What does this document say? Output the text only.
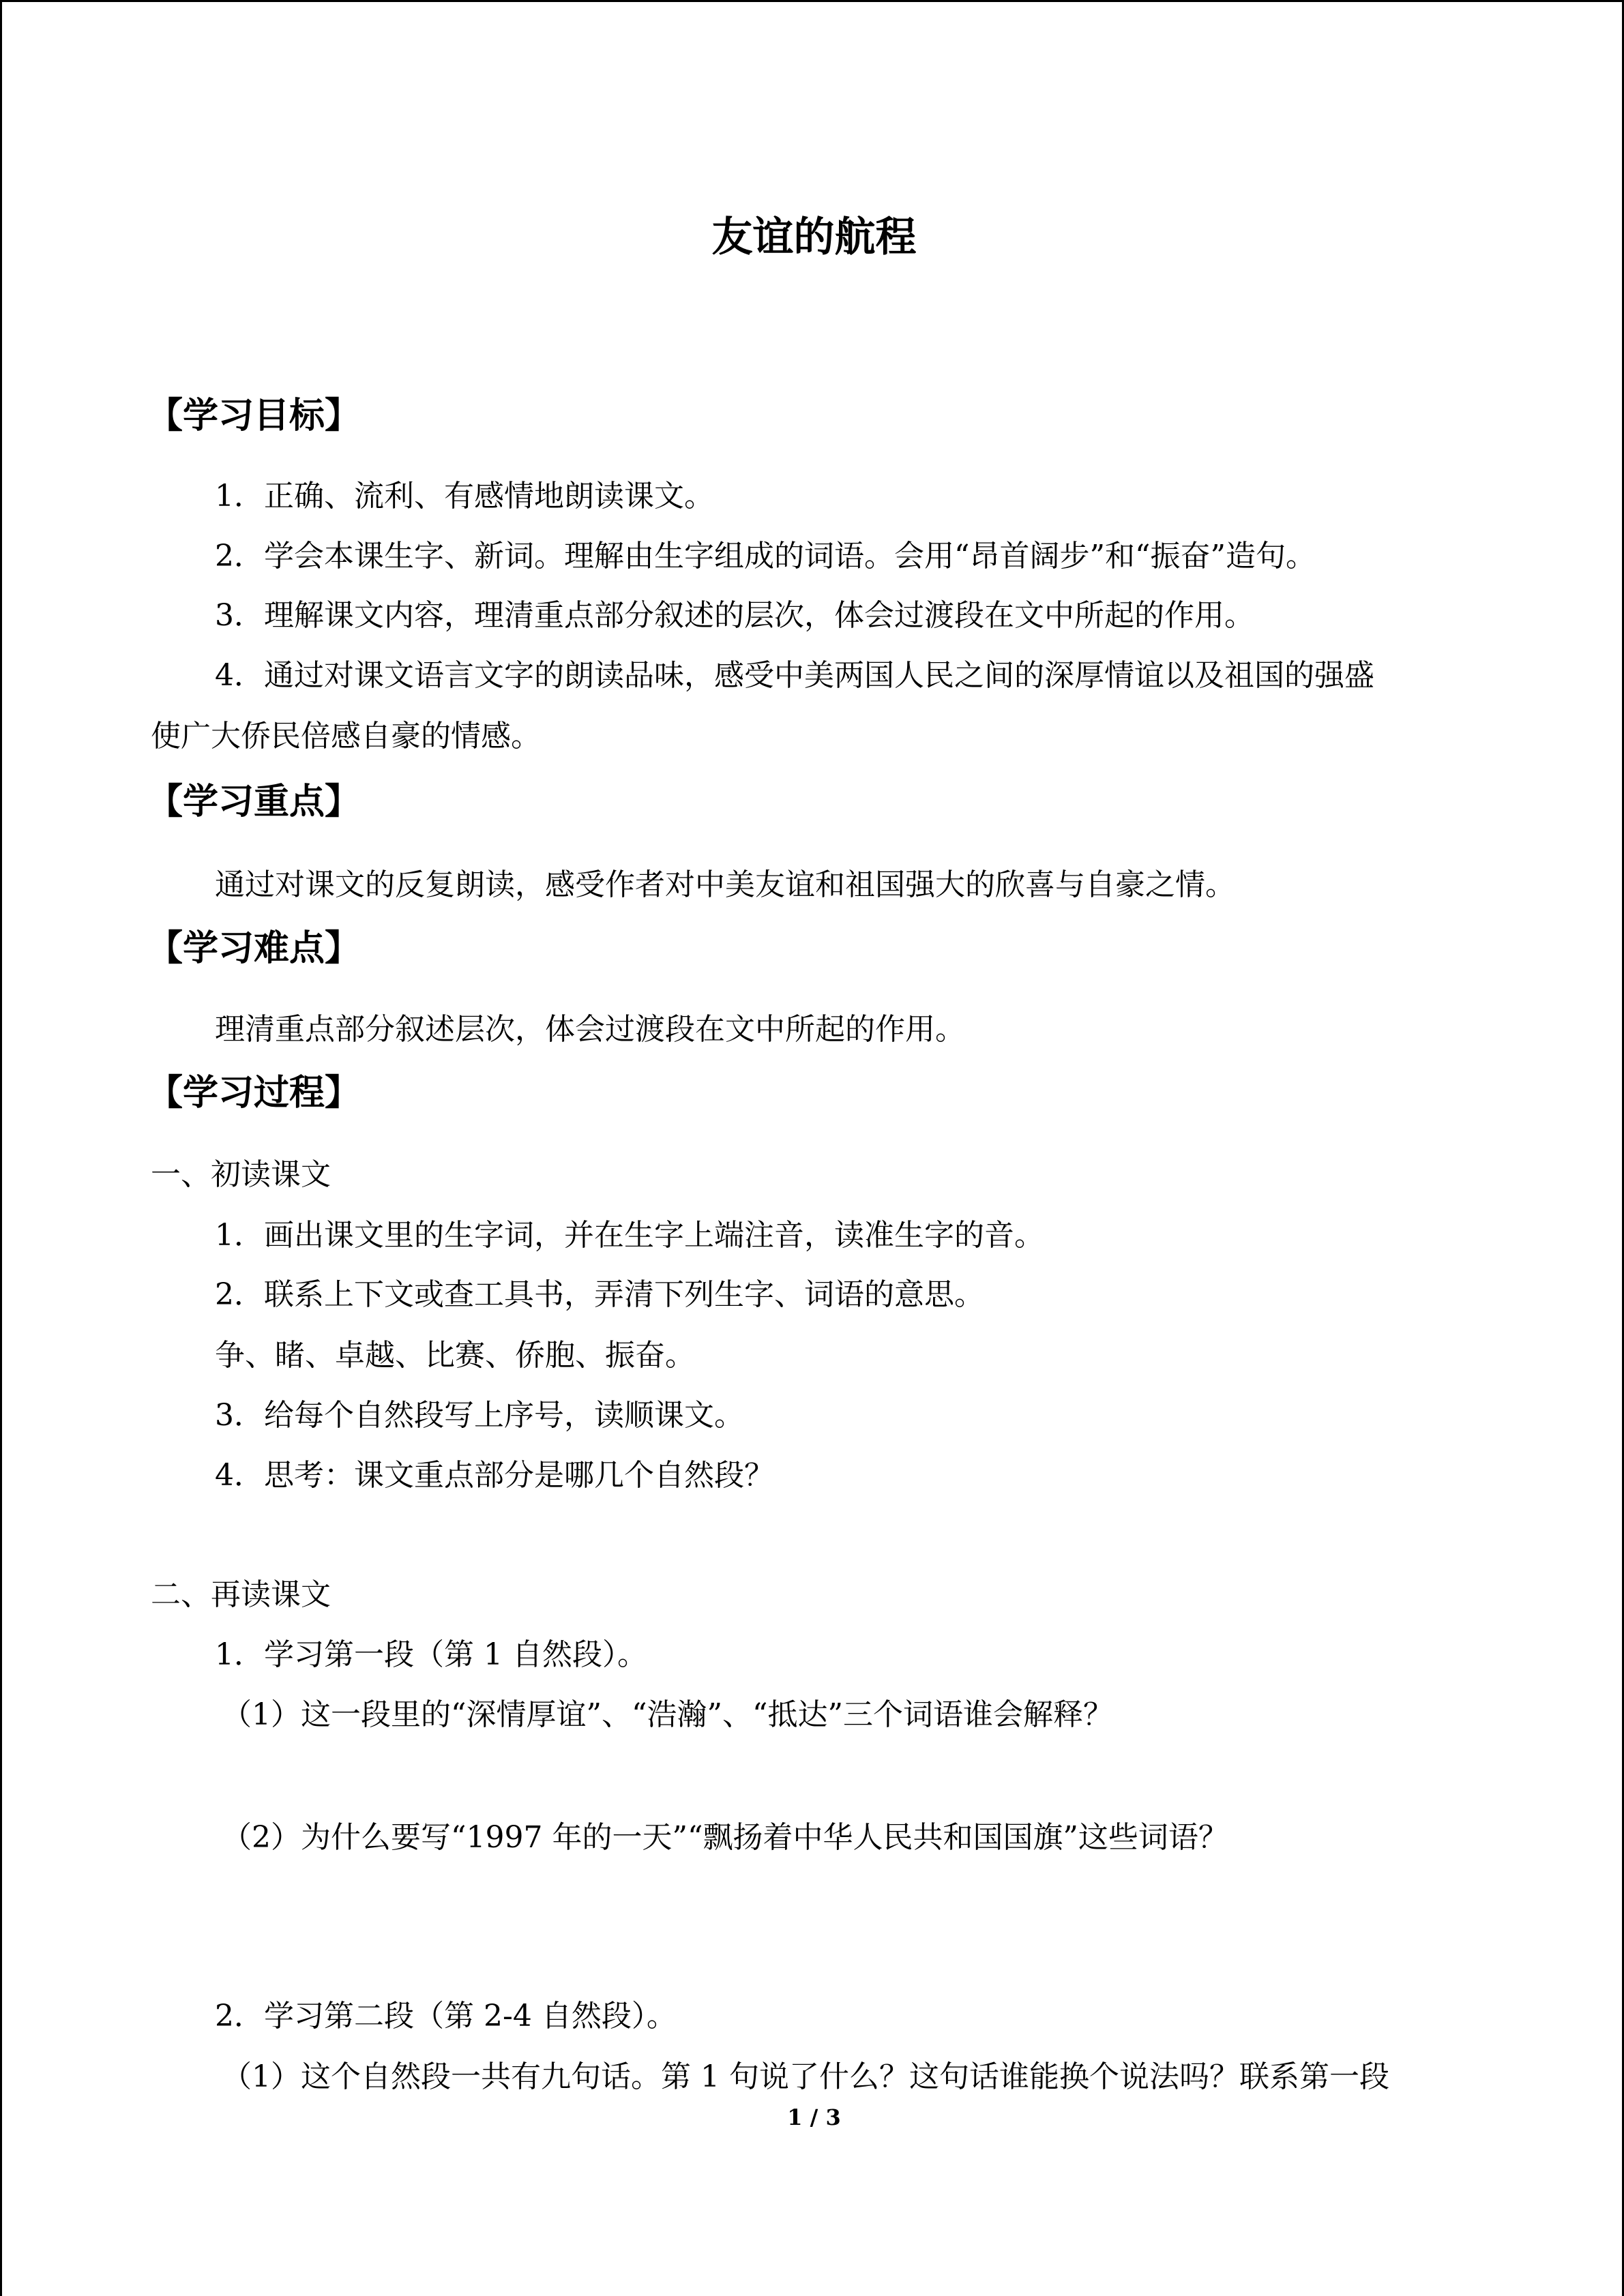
友谊的航程
【学习目标】
1．正确、流利、有感情地朗读课文。
2．学会本课生字、新词。理解由生字组成的词语。会用“昂首阔步”和“振奋”造句。
3．理解课文内容，理清重点部分叙述的层次，体会过渡段在文中所起的作用。
4．通过对课文语言文字的朗读品味，感受中美两国人民之间的深厚情谊以及祖国的强盛
使广大侨民倍感自豪的情感。
【学习重点】
通过对课文的反复朗读，感受作者对中美友谊和祖国强大的欣喜与自豪之情。
【学习难点】
理清重点部分叙述层次，体会过渡段在文中所起的作用。
【学习过程】
一、初读课文
1．画出课文里的生字词，并在生字上端注音，读准生字的音。
2．联系上下文或查工具书，弄清下列生字、词语的意思。
争、睹、卓越、比赛、侨胞、振奋。
3．给每个自然段写上序号，读顺课文。
4．思考：课文重点部分是哪几个自然段？
二、再读课文
1．学习第一段（第 1 自然段）。
（1）这一段里的“深情厚谊”、“浩瀚”、“抵达”三个词语谁会解释？
（2）为什么要写“1997 年的一天”“飘扬着中华人民共和国国旗”这些词语？
2．学习第二段（第 2-4 自然段）。
（1）这个自然段一共有九句话。第 1 句说了什么？这句话谁能换个说法吗？联系第一段
1 / 3
